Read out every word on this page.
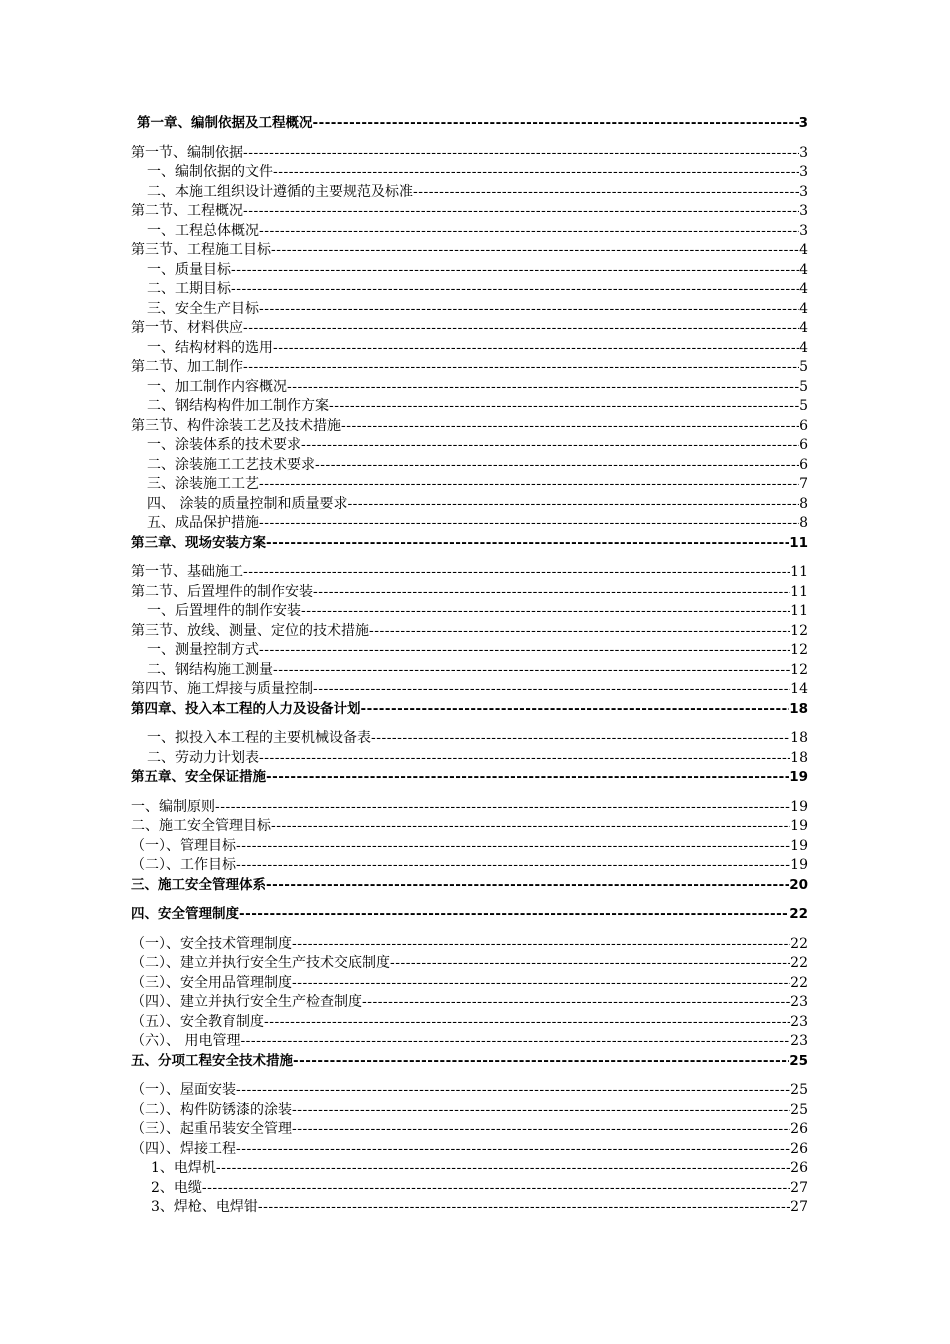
第一章、编制依据及工程概况 -----	3
第一节、编制依据 -----	3
一、编制依据的文件 -----	3
二、本施工组织设计遵循的主要规范及标准 -----	3
第二节、工程概况 -----	3
一、工程总体概况 -----	3
第三节、工程施工目标 -----	4
一、质量目标 -----	4
二、工期目标 -----	4
三、安全生产目标 -----	4
第一节、材料供应 -----	4
一、结构材料的选用 -----	4
第二节、加工制作 -----	5
一、加工制作内容概况 -----	5
二、钢结构构件加工制作方案 -----	5
第三节、构件涂装工艺及技术措施 -----	6
一、涂装体系的技术要求 -----	6
二、涂装施工工艺技术要求 -----	6
三、涂装施工工艺 -----	7
四、 涂装的质量控制和质量要求 -----	8
五、成品保护措施 -----	8
第三章、现场安装方案 -----	11
第一节、基础施工 -----	11
第二节、后置埋件的制作安装 -----	11
一、后置埋件的制作安装 -----	11
第三节、放线、测量、定位的技术措施 -----	12
一、测量控制方式 -----	12
二、钢结构施工测量 -----	12
第四节、施工焊接与质量控制 -----	14
第四章、投入本工程的人力及设备计划 -----	18
一、拟投入本工程的主要机械设备表 -----	18
二、劳动力计划表 -----	18
第五章、安全保证措施 -----	19
一、编制原则 -----	19
二、施工安全管理目标 -----	19
（一）、管理目标 -----	19
（二）、工作目标 -----	19
三、施工安全管理体系 -----	20
四、安全管理制度 -----	22
（一）、安全技术管理制度 -----	22
（二）、建立并执行安全生产技术交底制度 -----	22
（三）、安全用品管理制度 -----	22
（四）、建立并执行安全生产检查制度 -----	23
（五）、安全教育制度 -----	23
（六）、 用电管理 -----	23
五、分项工程安全技术措施 -----	25
（一）、屋面安装 -----	25
（二）、构件防锈漆的涂装 -----	25
（三）、起重吊装安全管理 -----	26
（四）、焊接工程 -----	26
1、电焊机 -----	26
2、电缆 -----	27
3、焊枪、电焊钳 -----	27
